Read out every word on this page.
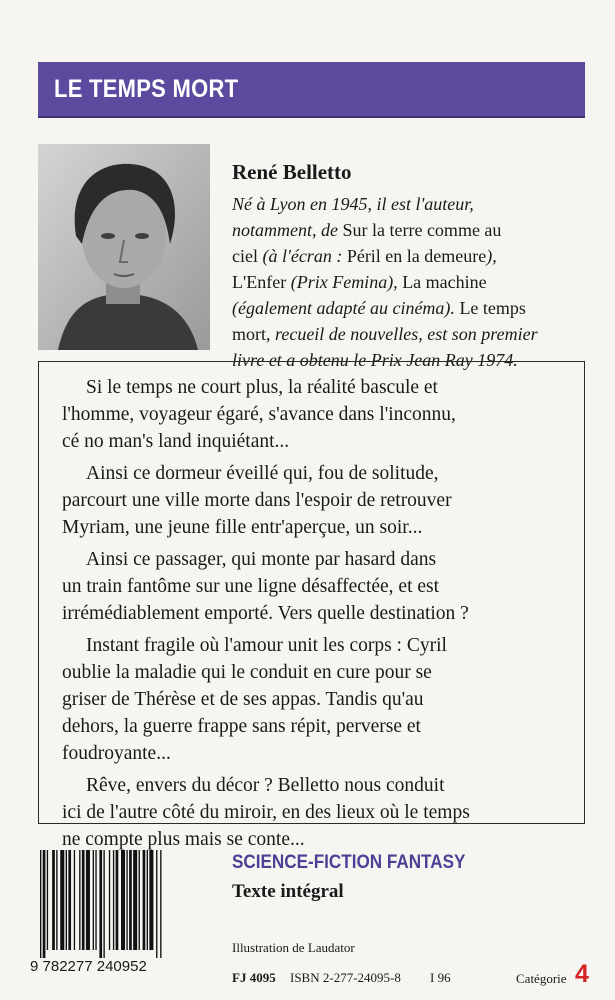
LE TEMPS MORT
René Belletto
Né à Lyon en 1945, il est l'auteur,
notamment, de Sur la terre comme au
ciel (à l'écran : Péril en la demeure),
L'Enfer (Prix Femina), La machine
(également adapté au cinéma). Le temps
mort, recueil de nouvelles, est son premier
livre et a obtenu le Prix Jean Ray 1974.
Si le temps ne court plus, la réalité bascule et
l'homme, voyageur égaré, s'avance dans l'inconnu,
cé no man's land inquiétant...
Ainsi ce dormeur éveillé qui, fou de solitude,
parcourt une ville morte dans l'espoir de retrouver
Myriam, une jeune fille entr'aperçue, un soir...
Ainsi ce passager, qui monte par hasard dans
un train fantôme sur une ligne désaffectée, et est
irrémédiablement emporté. Vers quelle destination ?
Instant fragile où l'amour unit les corps : Cyril
oublie la maladie qui le conduit en cure pour se
griser de Thérèse et de ses appas. Tandis qu'au
dehors, la guerre frappe sans répit, perverse et
foudroyante...
Rêve, envers du décor ? Belletto nous conduit
ici de l'autre côté du miroir, en des lieux où le temps
ne compte plus mais se conte...
9 782277 240952
SCIENCE-FICTION FANTASY
Texte intégral
Illustration de Laudator
FJ 4095 ISBN 2-277-24095-8 I 96	Catégorie 4
